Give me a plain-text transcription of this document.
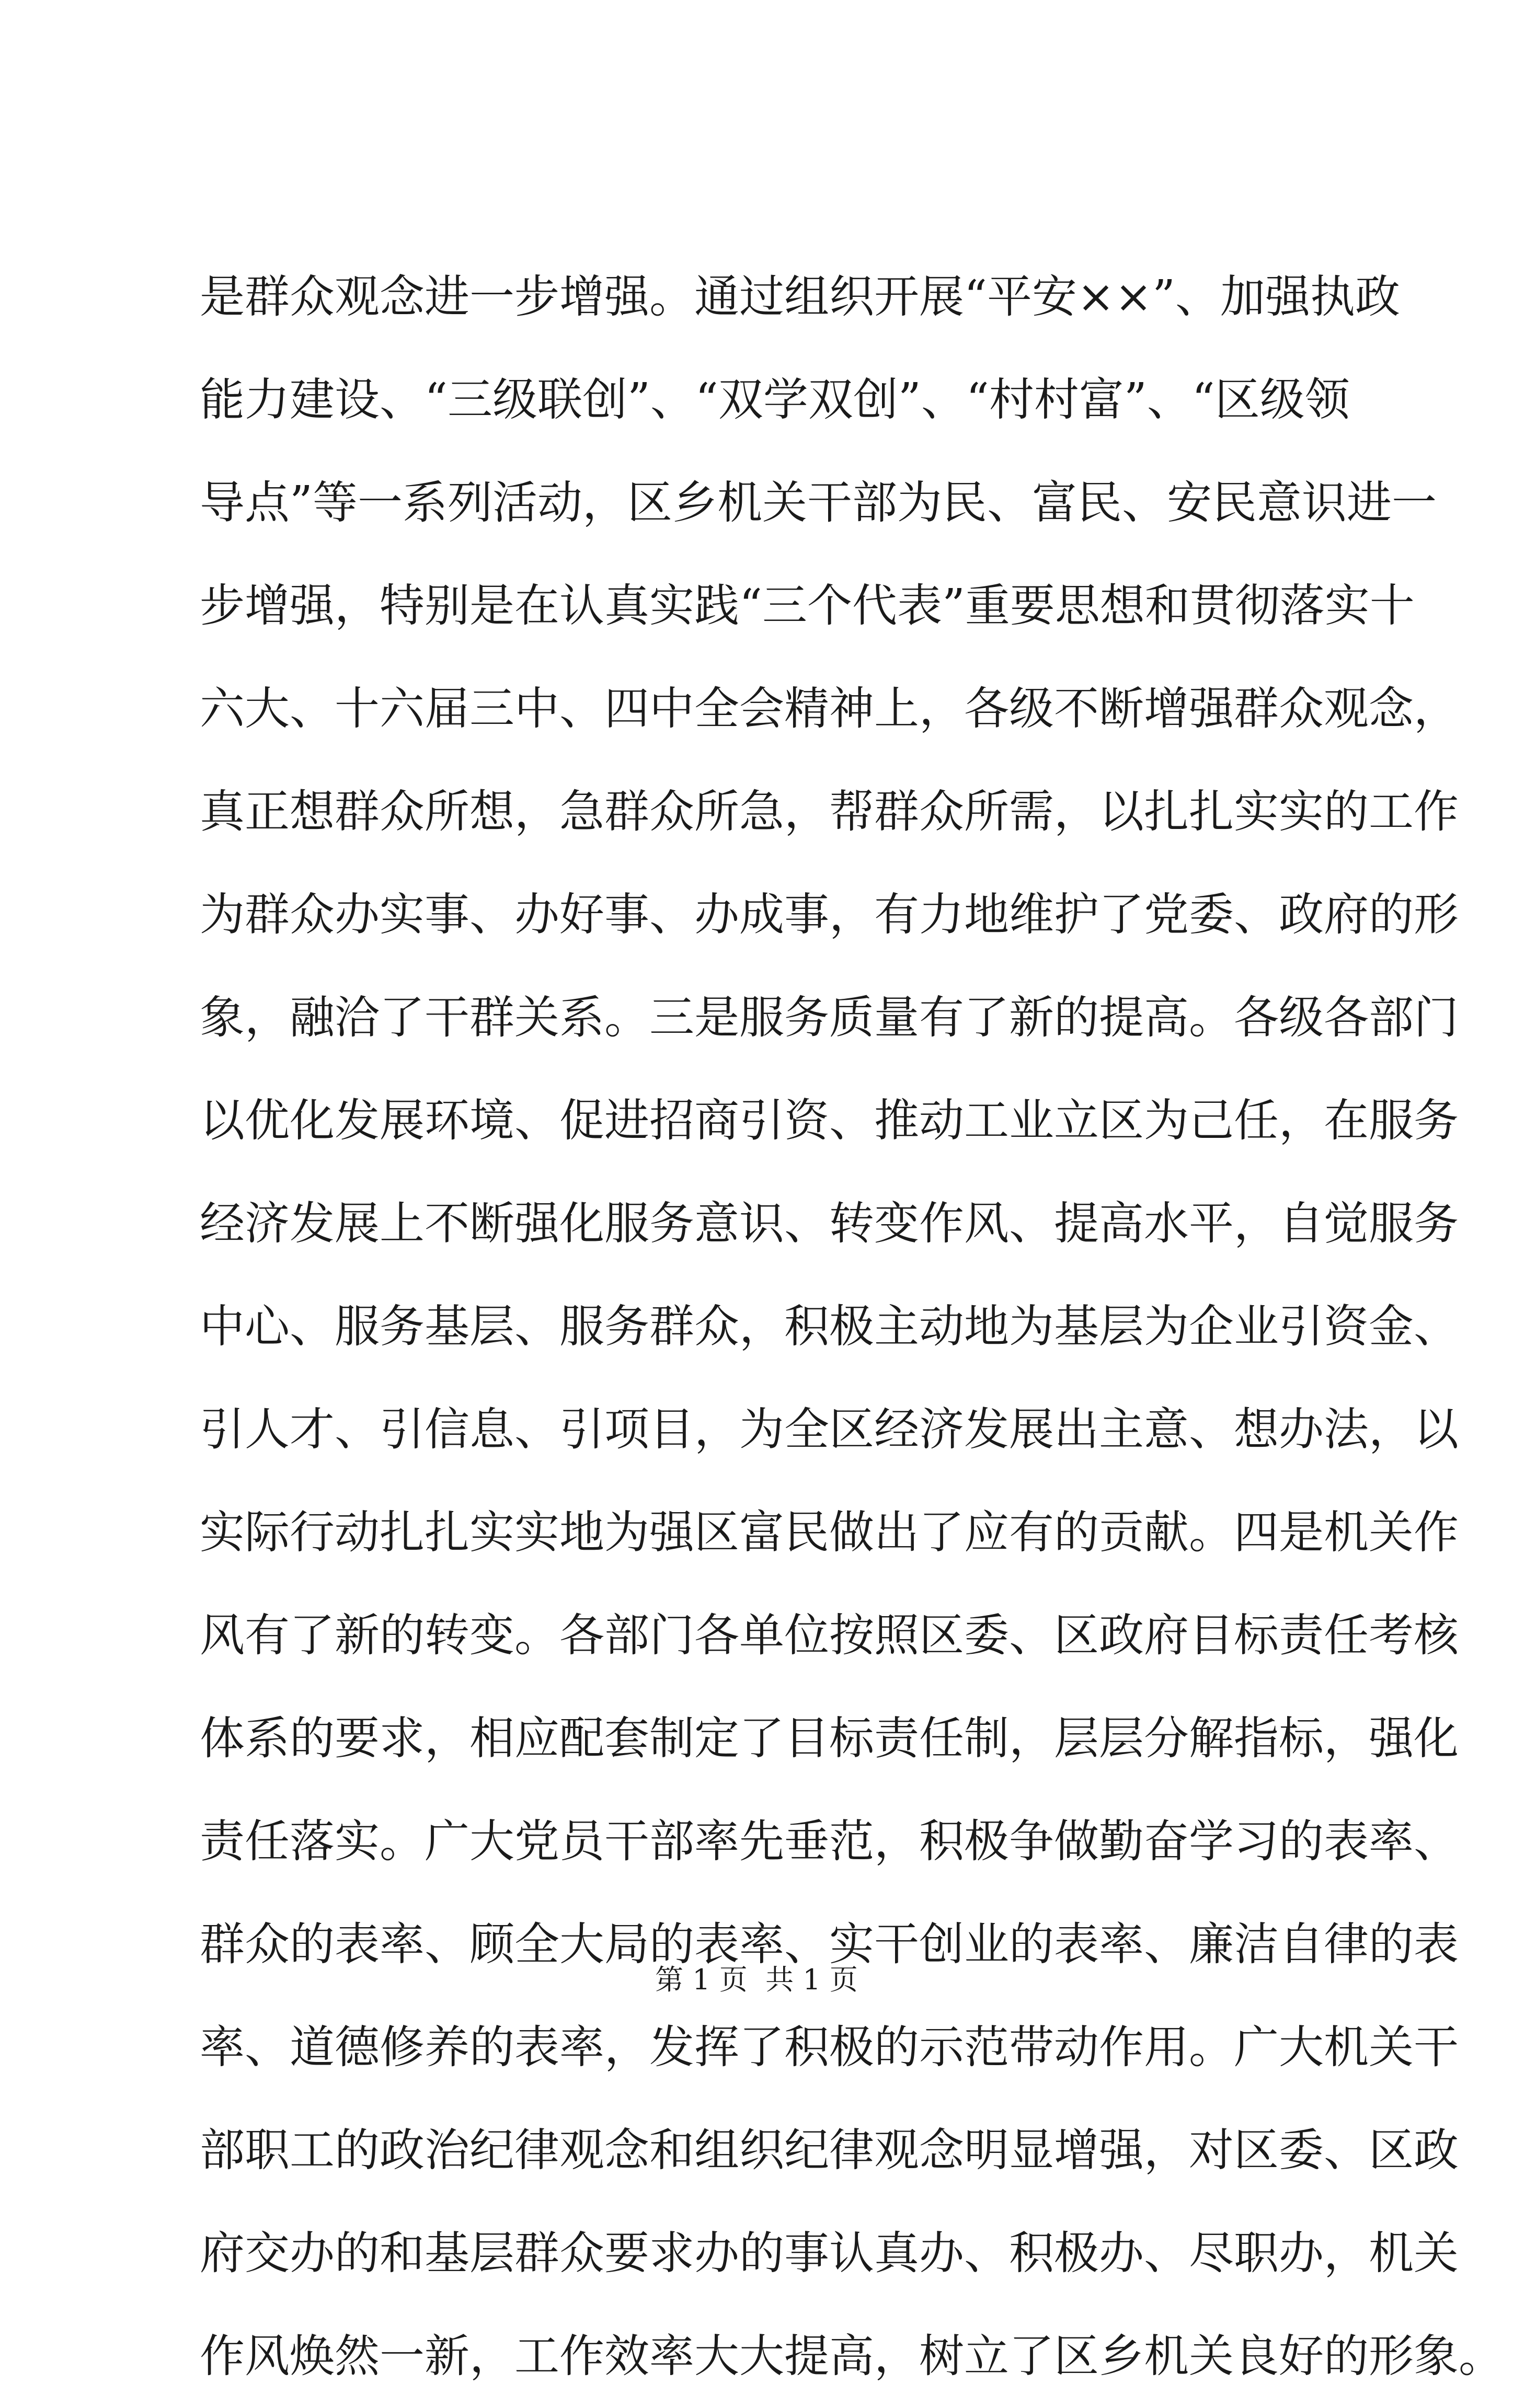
是群众观念进一步增强。通过组织开展“平安××”、加强执政
能力建设、“三级联创”、“双学双创”、“村村富”、“区级领
导点”等一系列活动，区乡机关干部为民、富民、安民意识进一
步增强，特别是在认真实践“三个代表”重要思想和贯彻落实十
六大、十六届三中、四中全会精神上，各级不断增强群众观念，
真正想群众所想，急群众所急，帮群众所需，以扎扎实实的工作
为群众办实事、办好事、办成事，有力地维护了党委、政府的形
象，融洽了干群关系。三是服务质量有了新的提高。各级各部门
以优化发展环境、促进招商引资、推动工业立区为己任，在服务
经济发展上不断强化服务意识、转变作风、提高水平，自觉服务
中心、服务基层、服务群众，积极主动地为基层为企业引资金、
引人才、引信息、引项目，为全区经济发展出主意、想办法，以
实际行动扎扎实实地为强区富民做出了应有的贡献。四是机关作
风有了新的转变。各部门各单位按照区委、区政府目标责任考核
体系的要求，相应配套制定了目标责任制，层层分解指标，强化
责任落实。广大党员干部率先垂范，积极争做勤奋学习的表率、
群众的表率、顾全大局的表率、实干创业的表率、廉洁自律的表
率、道德修养的表率，发挥了积极的示范带动作用。广大机关干
部职工的政治纪律观念和组织纪律观念明显增强，对区委、区政
府交办的和基层群众要求办的事认真办、积极办、尽职办，机关
作风焕然一新，工作效率大大提高，树立了区乡机关良好的形象。
第 1 页  共 1 页
